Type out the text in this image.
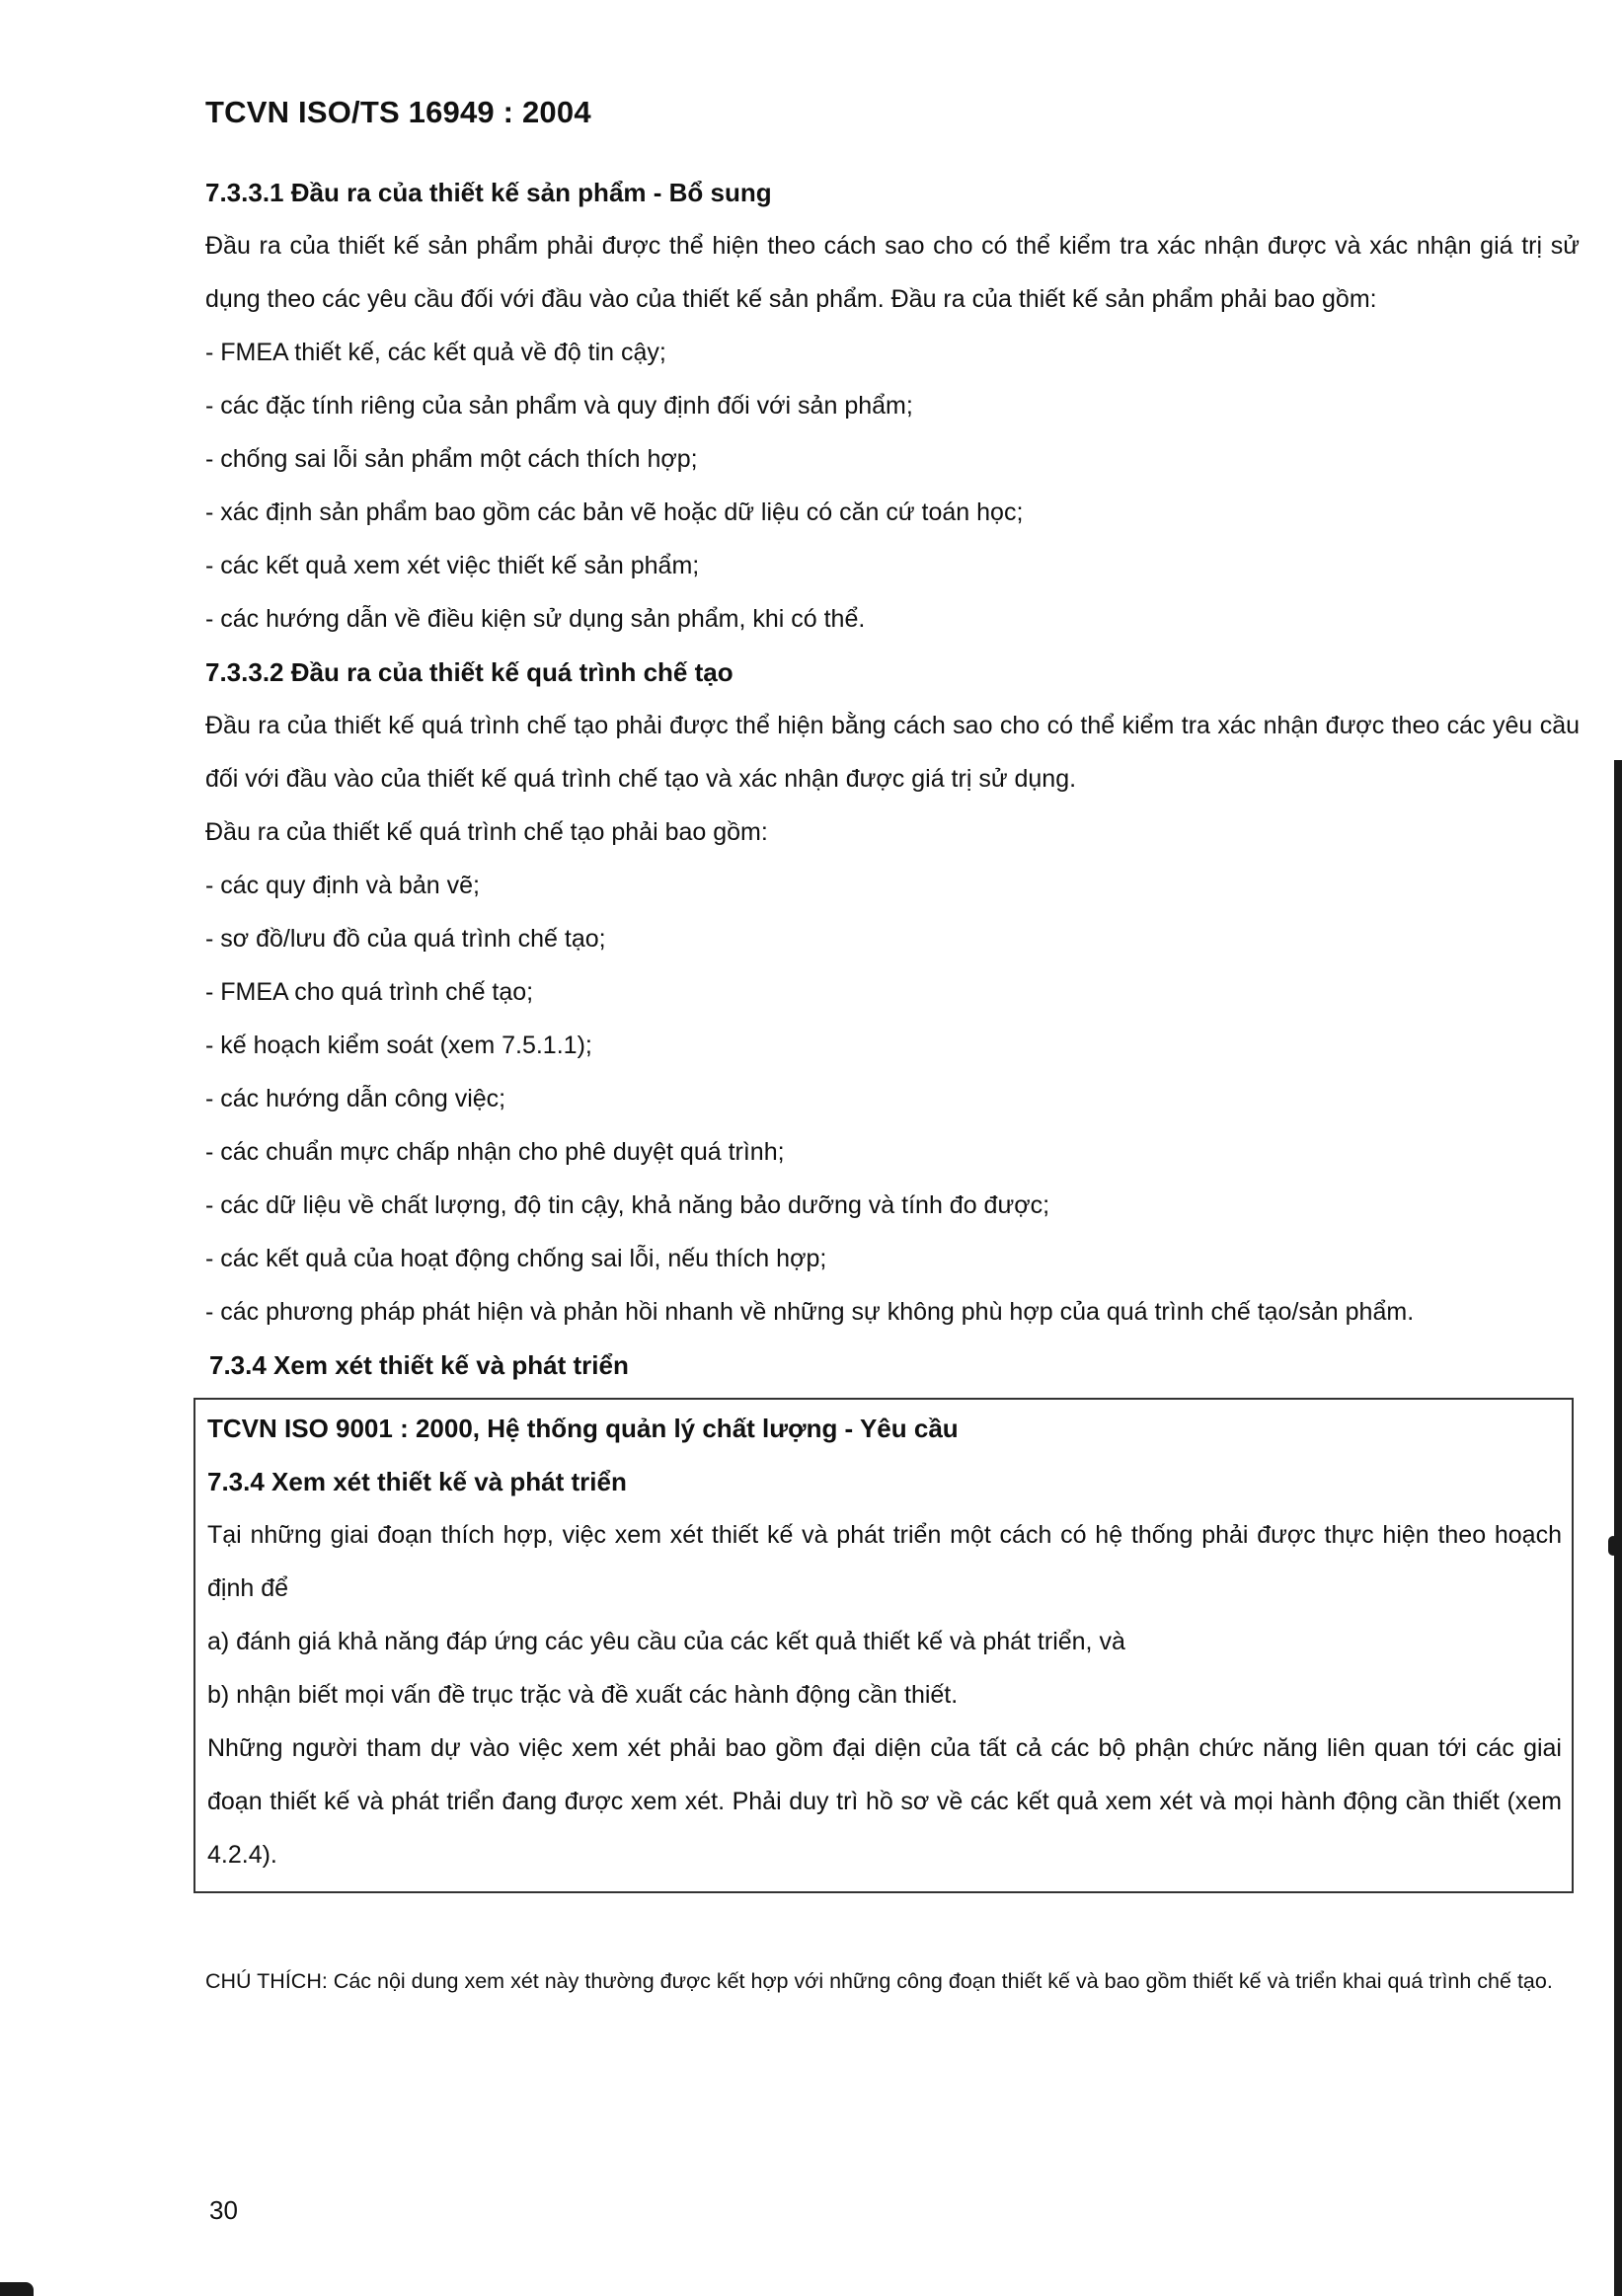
TCVN ISO/TS 16949 : 2004

7.3.3.1 Đầu ra của thiết kế sản phẩm - Bổ sung

Đầu ra của thiết kế sản phẩm phải được thể hiện theo cách sao cho có thể kiểm tra xác nhận được và xác nhận giá trị sử dụng theo các yêu cầu đối với đầu vào của thiết kế sản phẩm. Đầu ra của thiết kế sản phẩm phải bao gồm:

- FMEA thiết kế, các kết quả về độ tin cậy;

- các đặc tính riêng của sản phẩm và quy định đối với sản phẩm;

- chống sai lỗi sản phẩm một cách thích hợp;

- xác định sản phẩm bao gồm các bản vẽ hoặc dữ liệu có căn cứ toán học;

- các kết quả xem xét việc thiết kế sản phẩm;

- các hướng dẫn về điều kiện sử dụng sản phẩm, khi có thể.

7.3.3.2 Đầu ra của thiết kế quá trình chế tạo

Đầu ra của thiết kế quá trình chế tạo phải được thể hiện bằng cách sao cho có thể kiểm tra xác nhận được theo các yêu cầu đối với đầu vào của thiết kế quá trình chế tạo và xác nhận được giá trị sử dụng.

Đầu ra của thiết kế quá trình chế tạo phải bao gồm:

- các quy định và bản vẽ;

- sơ đồ/lưu đồ của quá trình chế tạo;

- FMEA cho quá trình chế tạo;

- kế hoạch kiểm soát (xem 7.5.1.1);

- các hướng dẫn công việc;

- các chuẩn mực chấp nhận cho phê duyệt quá trình;

- các dữ liệu về chất lượng, độ tin cậy, khả năng bảo dưỡng và tính đo được;

- các kết quả của hoạt động chống sai lỗi, nếu thích hợp;

- các phương pháp phát hiện và phản hồi nhanh về những sự không phù hợp của quá trình chế tạo/sản phẩm.

7.3.4 Xem xét thiết kế và phát triển

TCVN ISO 9001 : 2000, Hệ thống quản lý chất lượng - Yêu cầu

7.3.4 Xem xét thiết kế và phát triển

Tại những giai đoạn thích hợp, việc xem xét thiết kế và phát triển một cách có hệ thống phải được thực hiện theo hoạch định để

a) đánh giá khả năng đáp ứng các yêu cầu của các kết quả thiết kế và phát triển, và

b) nhận biết mọi vấn đề trục trặc và đề xuất các hành động cần thiết.

Những người tham dự vào việc xem xét phải bao gồm đại diện của tất cả các bộ phận chức năng liên quan tới các giai đoạn thiết kế và phát triển đang được xem xét. Phải duy trì hồ sơ về các kết quả xem xét và mọi hành động cần thiết (xem 4.2.4).

CHÚ THÍCH: Các nội dung xem xét này thường được kết hợp với những công đoạn thiết kế và bao gồm thiết kế và triển khai quá trình chế tạo.

30
